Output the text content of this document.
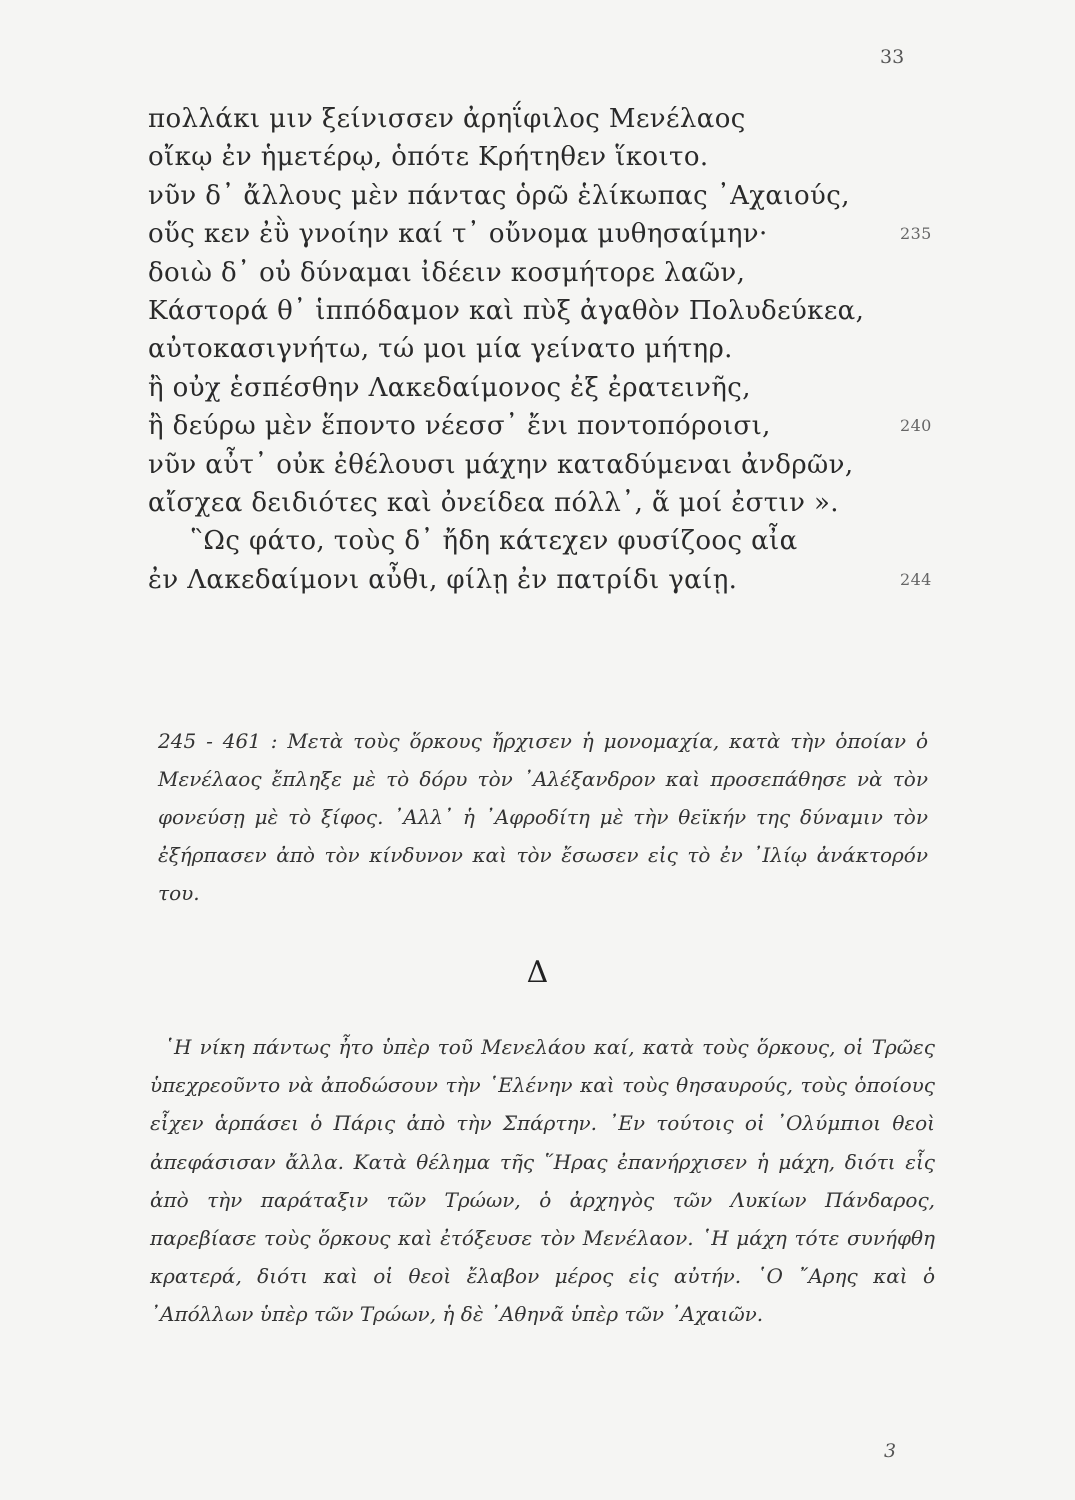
33
πολλάκι μιν ξείνισσεν ἀρηΐφιλος Μενέλαος
οἴκῳ ἐν ἡμετέρῳ, ὁπότε Κρήτηθεν ἵκοιτο.
νῦν δ᾽ ἄλλους μὲν πάντας ὁρῶ ἑλίκωπας ᾽Αχαιούς,
οὕς κεν ἐῢ γνοίην καί τ᾽ οὔνομα μυθησαίμην·	235
δοιὼ δ᾽ οὐ δύναμαι ἰδέειν κοσμήτορε λαῶν,
Κάστορά θ᾽ ἱππόδαμον καὶ πὺξ ἀγαθὸν Πολυδεύκεα,
αὐτοκασιγνήτω, τώ μοι μία γείνατο μήτηρ.
ἢ οὐχ ἑσπέσθην Λακεδαίμονος ἐξ ἐρατεινῆς,
ἢ δεύρω μὲν ἕποντο νέεσσ᾽ ἔνι ποντοπόροισι,	240
νῦν αὖτ᾽ οὐκ ἐθέλουσι μάχην καταδύμεναι ἀνδρῶν,
αἴσχεα δειδιότες καὶ ὀνείδεα πόλλ᾽, ἅ μοί ἐστιν ».
῝Ως φάτο, τοὺς δ᾽ ἤδη κάτεχεν φυσίζοος αἶα
ἐν Λακεδαίμονι αὖθι, φίλῃ ἐν πατρίδι γαίῃ.	244

245 - 461 : Μετὰ τοὺς ὅρκους ἤρχισεν ἡ μονομαχία, κατὰ τὴν ὁποίαν ὁ Μενέλαος ἔπληξε μὲ τὸ δόρυ τὸν ᾽Αλέξανδρον καὶ προσεπάθησε νὰ τὸν φονεύσῃ μὲ τὸ ξίφος. ᾽Αλλ᾽ ἡ ᾽Αφροδίτη μὲ τὴν θεϊκήν της δύναμιν τὸν ἐξήρπασεν ἀπὸ τὸν κίνδυνον καὶ τὸν ἔσωσεν εἰς τὸ ἐν ᾽Ιλίῳ ἀνάκτορόν του.

Δ

῾Η νίκη πάντως ἦτο ὑπὲρ τοῦ Μενελάου καί, κατὰ τοὺς ὅρκους, οἱ Τρῶες ὑπεχρεοῦντο νὰ ἀποδώσουν τὴν ῾Ελένην καὶ τοὺς θησαυρούς, τοὺς ὁποίους εἶχεν ἁρπάσει ὁ Πάρις ἀπὸ τὴν Σπάρτην. ᾽Εν τούτοις οἱ ᾽Ολύμπιοι θεοὶ ἀπεφάσισαν ἄλλα. Κατὰ θέλημα τῆς ῞Ηρας ἐπανήρχισεν ἡ μάχη, διότι εἷς ἀπὸ τὴν παράταξιν τῶν Τρώων, ὁ ἀρχηγὸς τῶν Λυκίων Πάνδαρος, παρεβίασε τοὺς ὅρκους καὶ ἐτόξευσε τὸν Μενέλαον. ῾Η μάχη τότε συνήφθη κρατερά, διότι καὶ οἱ θεοὶ ἔλαβον μέρος εἰς αὐτήν. ῾Ο ῎Αρης καὶ ὁ ᾽Απόλλων ὑπὲρ τῶν Τρώων, ἡ δὲ ᾽Αθηνᾶ ὑπὲρ τῶν ᾽Αχαιῶν.

3
